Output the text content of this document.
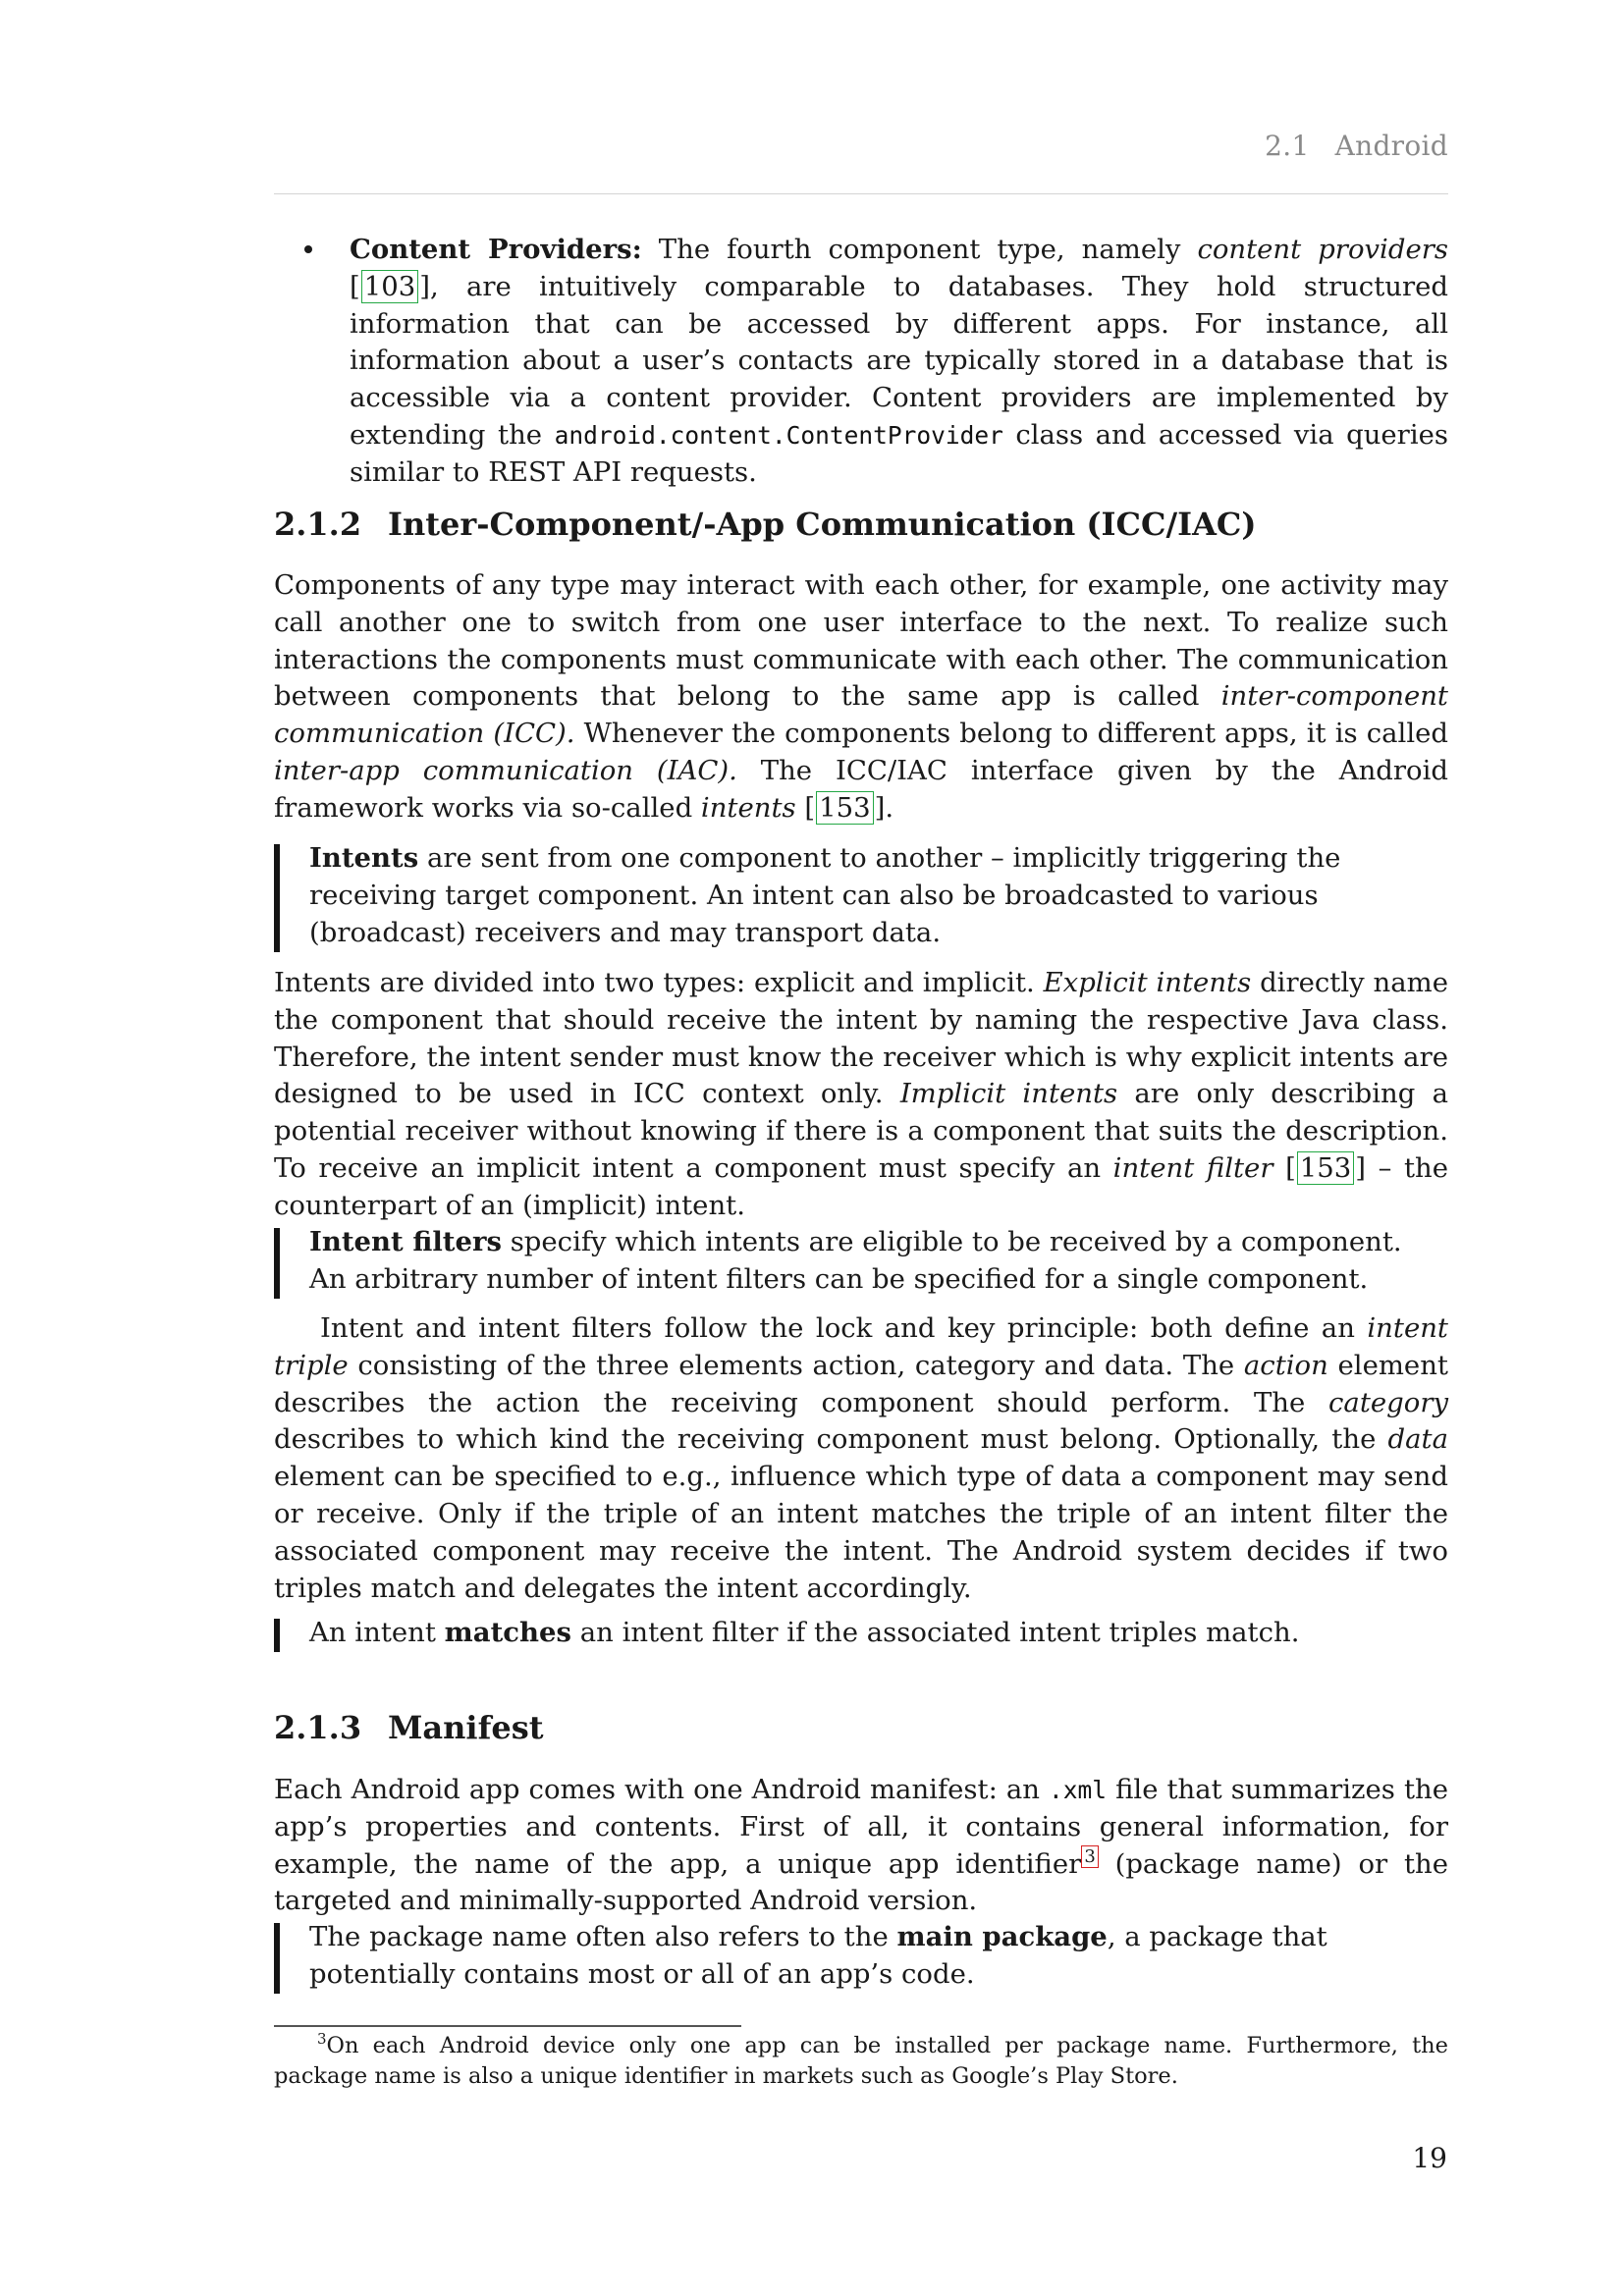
2.1 Android

Content Providers: The fourth component type, namely content providers [ 103 ], are intuitively comparable to databases. They hold structured information that can be accessed by different apps. For instance, all information about a user’s contacts are typically stored in a database that is accessible via a content provider. Content providers are implemented by extending the android.content.ContentProvider class and accessed via queries similar to REST API requests.

2.1.2 Inter-Component/-App Communication (ICC/IAC)

Components of any type may interact with each other, for example, one activity may call another one to switch from one user interface to the next. To realize such interactions the components must communicate with each other. The communication between components that belong to the same app is called inter-component communication (ICC). Whenever the components belong to different apps, it is called inter-app communication (IAC). The ICC/IAC interface given by the Android framework works via so-called intents [ 153 ].

Intents are sent from one component to another – implicitly triggering the receiving target component. An intent can also be broadcasted to various (broadcast) receivers and may transport data.

Intents are divided into two types: explicit and implicit. Explicit intents directly name the component that should receive the intent by naming the respective Java class. Therefore, the intent sender must know the receiver which is why explicit intents are designed to be used in ICC context only. Implicit intents are only describing a potential receiver without knowing if there is a component that suits the description. To receive an implicit intent a component must specify an intent filter [ 153 ] – the counterpart of an (implicit) intent.

Intent filters specify which intents are eligible to be received by a component. An arbitrary number of intent filters can be specified for a single component.

Intent and intent filters follow the lock and key principle: both define an intent triple consisting of the three elements action, category and data. The action element describes the action the receiving component should perform. The category describes to which kind the receiving component must belong. Optionally, the data element can be specified to e.g., influence which type of data a component may send or receive. Only if the triple of an intent matches the triple of an intent filter the associated component may receive the intent. The Android system decides if two triples match and delegates the intent accordingly.

An intent matches an intent filter if the associated intent triples match.

2.1.3 Manifest

Each Android app comes with one Android manifest: an .xml file that summarizes the app’s properties and contents. First of all, it contains general information, for example, the name of the app, a unique app identifier $^3$ (package name) or the targeted and minimally-supported Android version.

The package name often also refers to the main package, a package that potentially contains most or all of an app’s code.

$^3$On each Android device only one app can be installed per package name. Furthermore, the package name is also a unique identifier in markets such as Google’s Play Store.

19
